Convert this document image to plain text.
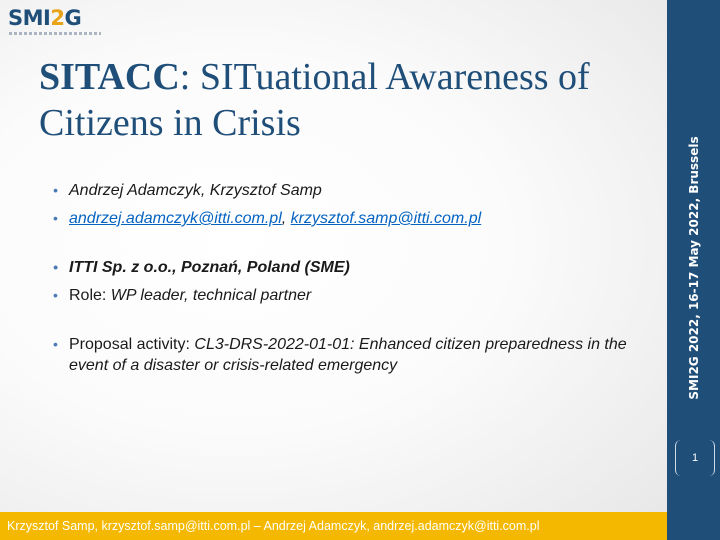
SMI2G
SITACC: SITuational Awareness of Citizens in Crisis
• Andrzej Adamczyk, Krzysztof Samp
• andrzej.adamczyk@itti.com.pl, krzysztof.samp@itti.com.pl
• ITTI Sp. z o.o., Poznań, Poland (SME)
• Role: WP leader, technical partner
• Proposal activity: CL3-DRS-2022-01-01: Enhanced citizen preparedness in the event of a disaster or crisis-related emergency	SMI2G 2022, 16-17 May 2022, Brussels
1
Krzysztof Samp, krzysztof.samp@itti.com.pl – Andrzej Adamczyk, andrzej.adamczyk@itti.com.pl
